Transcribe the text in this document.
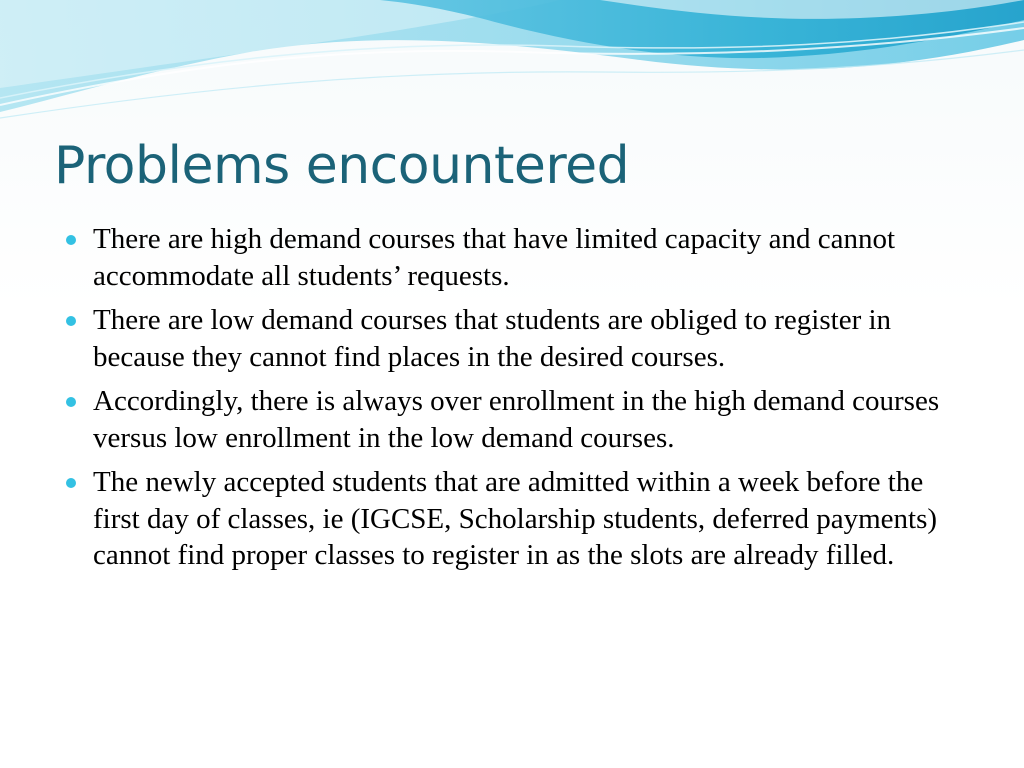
Problems encountered
There are high demand courses that have limited capacity and cannot accommodate all students’ requests.
There are low demand courses that students are obliged to register in because they cannot find places in the desired courses.
Accordingly, there is always over enrollment in the high demand courses versus low enrollment in the low demand courses.
The newly accepted students that are admitted within a week before the first day of classes, ie (IGCSE, Scholarship students, deferred payments) cannot find proper classes to register in as the slots are already filled.
